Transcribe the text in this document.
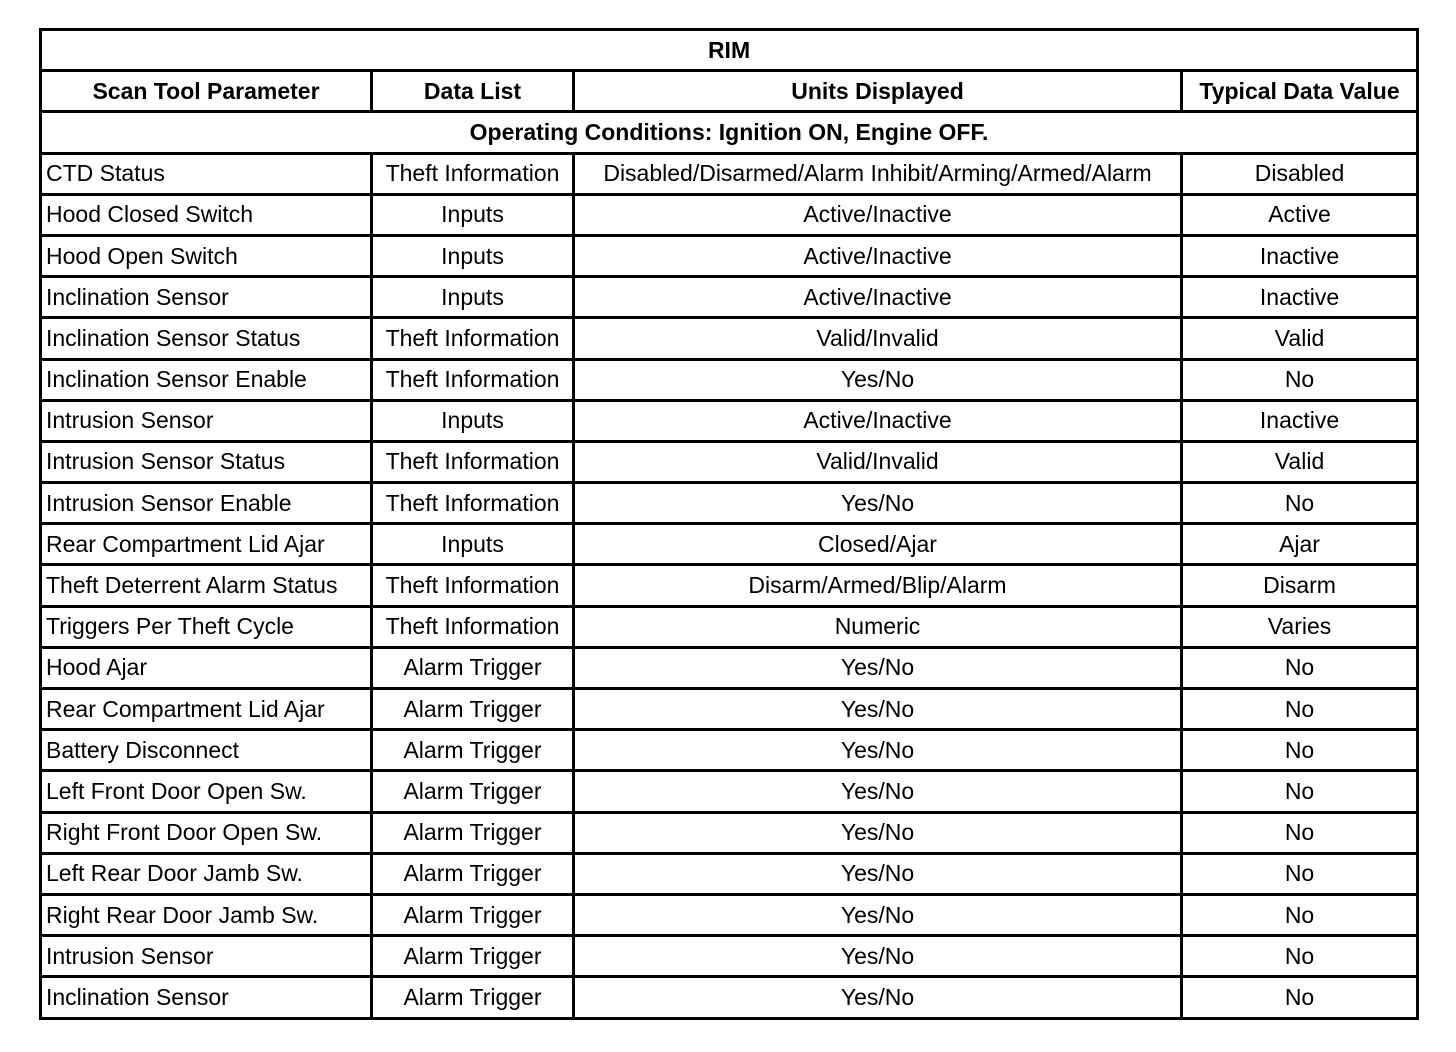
RIM			
Scan Tool Parameter	Data List	Units Displayed	Typical Data Value
Operating Conditions: Ignition ON, Engine OFF.			
CTD Status	Theft Information	Disabled/Disarmed/Alarm Inhibit/Arming/Armed/Alarm	Disabled
Hood Closed Switch	Inputs	Active/Inactive	Active
Hood Open Switch	Inputs	Active/Inactive	Inactive
Inclination Sensor	Inputs	Active/Inactive	Inactive
Inclination Sensor Status	Theft Information	Valid/Invalid	Valid
Inclination Sensor Enable	Theft Information	Yes/No	No
Intrusion Sensor	Inputs	Active/Inactive	Inactive
Intrusion Sensor Status	Theft Information	Valid/Invalid	Valid
Intrusion Sensor Enable	Theft Information	Yes/No	No
Rear Compartment Lid Ajar	Inputs	Closed/Ajar	Ajar
Theft Deterrent Alarm Status	Theft Information	Disarm/Armed/Blip/Alarm	Disarm
Triggers Per Theft Cycle	Theft Information	Numeric	Varies
Hood Ajar	Alarm Trigger	Yes/No	No
Rear Compartment Lid Ajar	Alarm Trigger	Yes/No	No
Battery Disconnect	Alarm Trigger	Yes/No	No
Left Front Door Open Sw.	Alarm Trigger	Yes/No	No
Right Front Door Open Sw.	Alarm Trigger	Yes/No	No
Left Rear Door Jamb Sw.	Alarm Trigger	Yes/No	No
Right Rear Door Jamb Sw.	Alarm Trigger	Yes/No	No
Intrusion Sensor	Alarm Trigger	Yes/No	No
Inclination Sensor	Alarm Trigger	Yes/No	No
